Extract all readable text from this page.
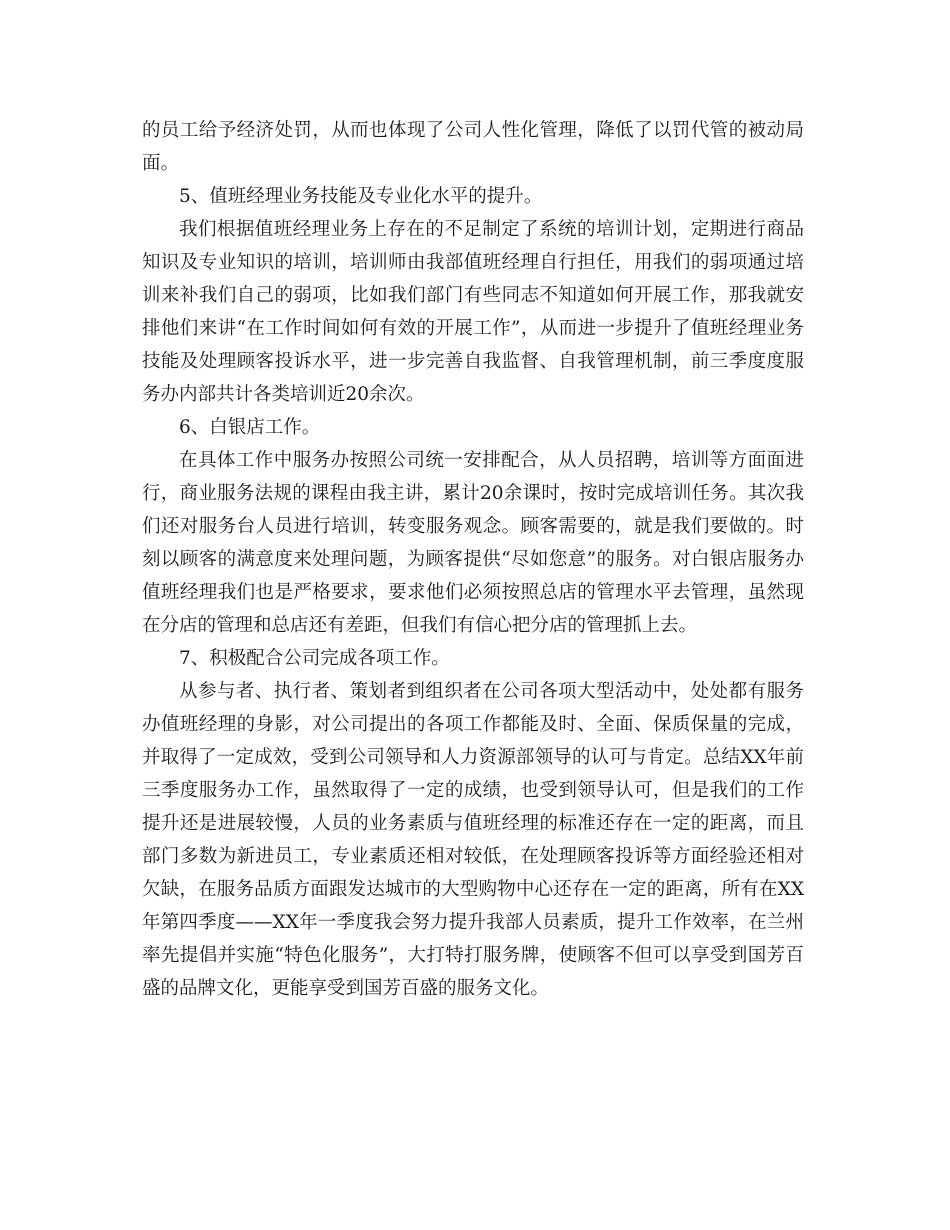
的员工给予经济处罚，从而也体现了公司人性化管理，降低了以罚代管的被动局面。

5、值班经理业务技能及专业化水平的提升。

我们根据值班经理业务上存在的不足制定了系统的培训计划，定期进行商品知识及专业知识的培训，培训师由我部值班经理自行担任，用我们的弱项通过培训来补我们自己的弱项，比如我们部门有些同志不知道如何开展工作，那我就安排他们来讲“在工作时间如何有效的开展工作”，从而进一步提升了值班经理业务技能及处理顾客投诉水平，进一步完善自我监督、自我管理机制，前三季度度服务办内部共计各类培训近20余次。

6、白银店工作。

在具体工作中服务办按照公司统一安排配合，从人员招聘，培训等方面面进行，商业服务法规的课程由我主讲，累计20余课时，按时完成培训任务。其次我们还对服务台人员进行培训，转变服务观念。顾客需要的，就是我们要做的。时刻以顾客的满意度来处理问题，为顾客提供“尽如您意”的服务。对白银店服务办值班经理我们也是严格要求，要求他们必须按照总店的管理水平去管理，虽然现在分店的管理和总店还有差距，但我们有信心把分店的管理抓上去。

7、积极配合公司完成各项工作。

从参与者、执行者、策划者到组织者在公司各项大型活动中，处处都有服务办值班经理的身影，对公司提出的各项工作都能及时、全面、保质保量的完成，并取得了一定成效，受到公司领导和人力资源部领导的认可与肯定。总结XX年前三季度服务办工作，虽然取得了一定的成绩，也受到领导认可，但是我们的工作提升还是进展较慢，人员的业务素质与值班经理的标准还存在一定的距离，而且部门多数为新进员工，专业素质还相对较低，在处理顾客投诉等方面经验还相对欠缺，在服务品质方面跟发达城市的大型购物中心还存在一定的距离，所有在XX年第四季度——XX年一季度我会努力提升我部人员素质，提升工作效率，在兰州率先提倡并实施“特色化服务”，大打特打服务牌，使顾客不但可以享受到国芳百盛的品牌文化，更能享受到国芳百盛的服务文化。
